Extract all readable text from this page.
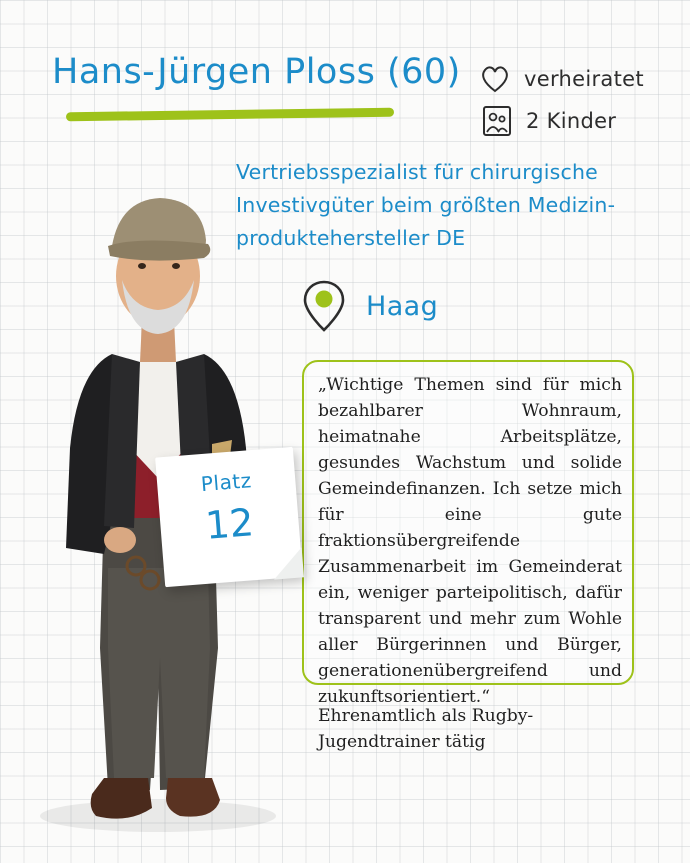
Hans-Jürgen Ploss (60)	verheiratet
2 Kinder
Vertriebsspezialist für chirurgische Investivgüter beim größten Medizin-produktehersteller DE
Haag
„Wichtige Themen sind für mich bezahlbarer Wohnraum, heimatnahe Arbeitsplätze, gesundes Wachstum und solide Gemeindefinanzen. Ich setze mich für eine gute fraktionsübergreifende Zusammenarbeit im Gemeinderat ein, weniger parteipolitisch, dafür transparent und mehr zum Wohle aller Bürgerinnen und Bürger, generationenübergreifend und zukunftsorientiert.“
Ehrenamtlich als Rugby-Jugendtrainer tätig
Platz
12
